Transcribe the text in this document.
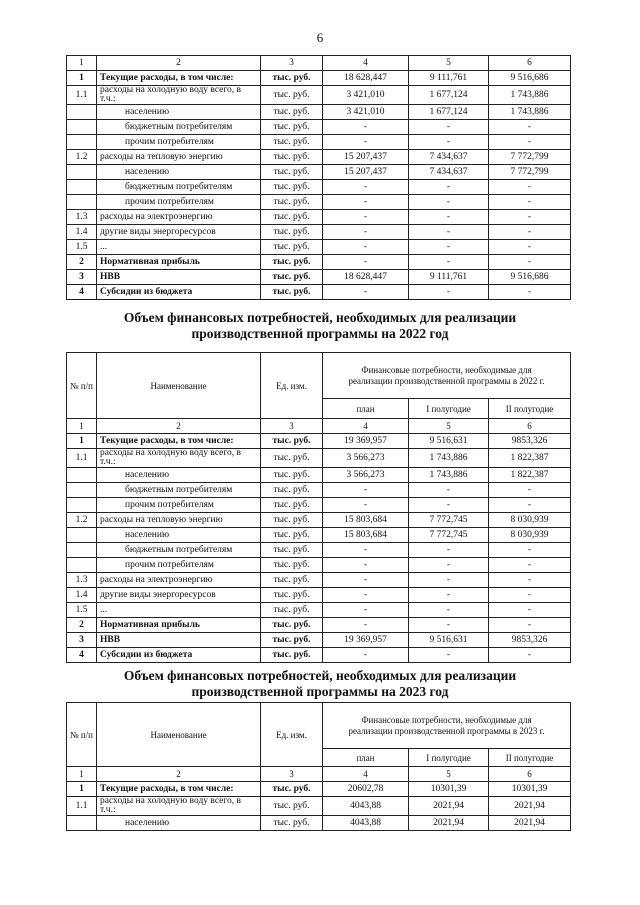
6
1	2	3	4	5	6
1	Текущие расходы, в том числе:	тыс. руб.	18 628,447	9 111,761	9 516,686
1.1	расходы на холодную воду всего, в т.ч.:	тыс. руб.	3 421,010	1 677,124	1 743,886
	населению	тыс. руб.	3 421,010	1 677,124	1 743,886
	бюджетным потребителям	тыс. руб.	-	-	-
	прочим потребителям	тыс. руб.	-	-	-
1.2	расходы на тепловую энергию	тыс. руб.	15 207,437	7 434,637	7 772,799
	населению	тыс. руб.	15 207,437	7 434,637	7 772,799
	бюджетным потребителям	тыс. руб.	-	-	-
	прочим потребителям	тыс. руб.	-	-	-
1.3	расходы на электроэнергию	тыс. руб.	-	-	-
1.4	другие виды энергоресурсов	тыс. руб.	-	-	-
1.5	...	тыс. руб.	-	-	-
2	Нормативная прибыль	тыс. руб.	-	-	-
3	НВВ	тыс. руб.	18 628,447	9 111,761	9 516,686
4	Субсидии из бюджета	тыс. руб.	-	-	-
Объем финансовых потребностей, необходимых для реализации
производственной программы на 2022 год
№ п/п	Наименование	Ед. изм.	Финансовые потребности, необходимые для реализации производственной программы в 2022 г.		
			план	I полугодие	II полугодие
1	2	3	4	5	6
1	Текущие расходы, в том числе:	тыс. руб.	19 369,957	9 516,631	9853,326
1.1	расходы на холодную воду всего, в т.ч.:	тыс. руб.	3 566,273	1 743,886	1 822,387
	населению	тыс. руб.	3 566,273	1 743,886	1 822,387
	бюджетным потребителям	тыс. руб.	-	-	-
	прочим потребителям	тыс. руб.	-	-	-
1.2	расходы на тепловую энергию	тыс. руб.	15 803,684	7 772,745	8 030,939
	населению	тыс. руб.	15 803,684	7 772,745	8 030,939
	бюджетным потребителям	тыс. руб.	-	-	-
	прочим потребителям	тыс. руб.	-	-	-
1.3	расходы на электроэнергию	тыс. руб.	-	-	-
1.4	другие виды энергоресурсов	тыс. руб.	-	-	-
1.5	...	тыс. руб.	-	-	-
2	Нормативная прибыль	тыс. руб.	-	-	-
3	НВВ	тыс. руб.	19 369,957	9 516,631	9853,326
4	Субсидии из бюджета	тыс. руб.	-	-	-
Объем финансовых потребностей, необходимых для реализации
производственной программы на 2023 год
№ п/п	Наименование	Ед. изм.	Финансовые потребности, необходимые для реализации производственной программы в 2023 г.		
			план	I полугодие	II полугодие
1	2	3	4	5	6
1	Текущие расходы, в том числе:	тыс. руб.	20602,78	10301,39	10301,39
1.1	расходы на холодную воду всего, в т.ч.:	тыс. руб.	4043,88	2021,94	2021,94
	населению	тыс. руб.	4043,88	2021,94	2021,94
